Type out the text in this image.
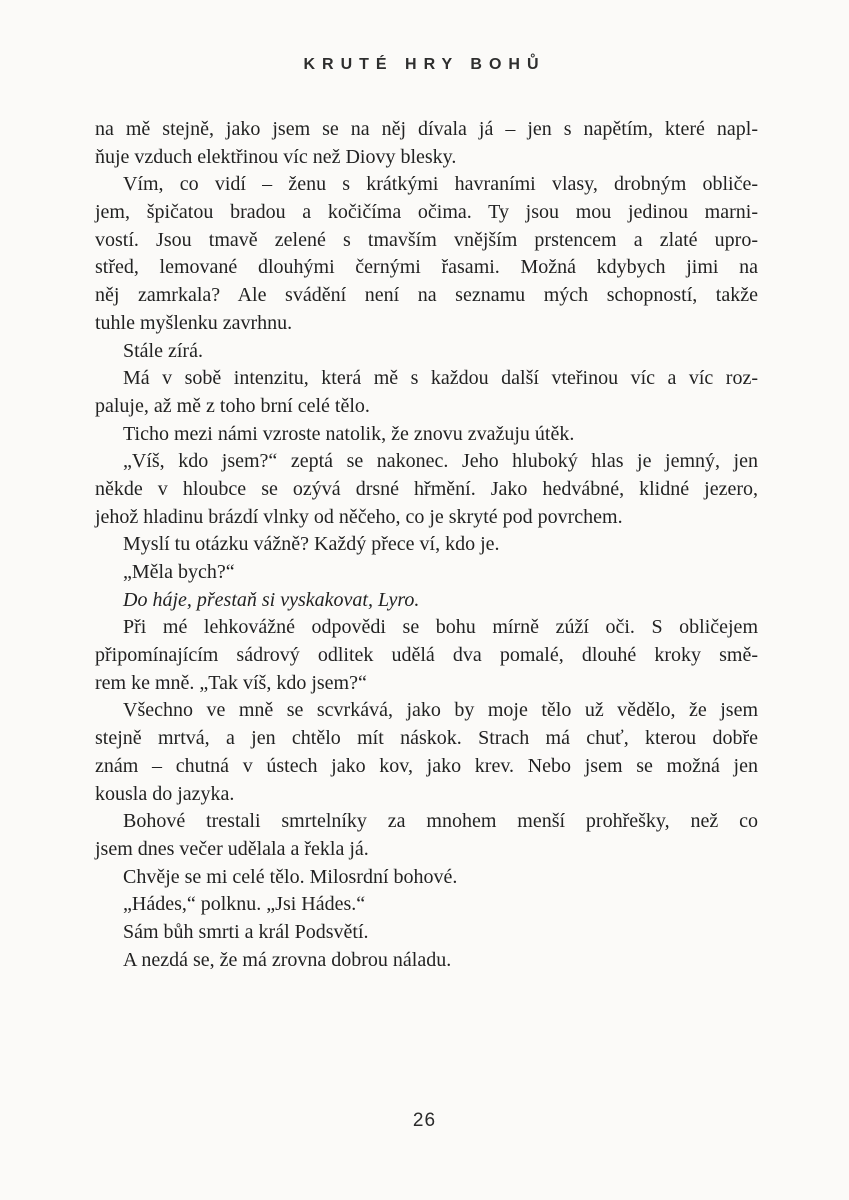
KRUTÉ HRY BOHŮ
na mě stejně, jako jsem se na něj dívala já – jen s napětím, které napl-
ňuje vzduch elektřinou víc než Diovy blesky.
Vím, co vidí – ženu s krátkými havraními vlasy, drobným obliče-
jem, špičatou bradou a kočičíma očima. Ty jsou mou jedinou marni-
vostí. Jsou tmavě zelené s tmavším vnějším prstencem a zlaté upro-
střed, lemované dlouhými černými řasami. Možná kdybych jimi na
něj zamrkala? Ale svádění není na seznamu mých schopností, takže
tuhle myšlenku zavrhnu.
Stále zírá.
Má v sobě intenzitu, která mě s každou další vteřinou víc a víc roz-
paluje, až mě z toho brní celé tělo.
Ticho mezi námi vzroste natolik, že znovu zvažuju útěk.
„Víš, kdo jsem?“ zeptá se nakonec. Jeho hluboký hlas je jemný, jen
někde v hloubce se ozývá drsné hřmění. Jako hedvábné, klidné jezero,
jehož hladinu brázdí vlnky od něčeho, co je skryté pod povrchem.
Myslí tu otázku vážně? Každý přece ví, kdo je.
„Měla bych?“
Do háje, přestaň si vyskakovat, Lyro.
Při mé lehkovážné odpovědi se bohu mírně zúží oči. S obličejem
připomínajícím sádrový odlitek udělá dva pomalé, dlouhé kroky smě-
rem ke mně. „Tak víš, kdo jsem?“
Všechno ve mně se scvrkává, jako by moje tělo už vědělo, že jsem
stejně mrtvá, a jen chtělo mít náskok. Strach má chuť, kterou dobře
znám – chutná v ústech jako kov, jako krev. Nebo jsem se možná jen
kousla do jazyka.
Bohové trestali smrtelníky za mnohem menší prohřešky, než co
jsem dnes večer udělala a řekla já.
Chvěje se mi celé tělo. Milosrdní bohové.
„Hádes,“ polknu. „Jsi Hádes.“
Sám bůh smrti a král Podsvětí.
A nezdá se, že má zrovna dobrou náladu.
26
